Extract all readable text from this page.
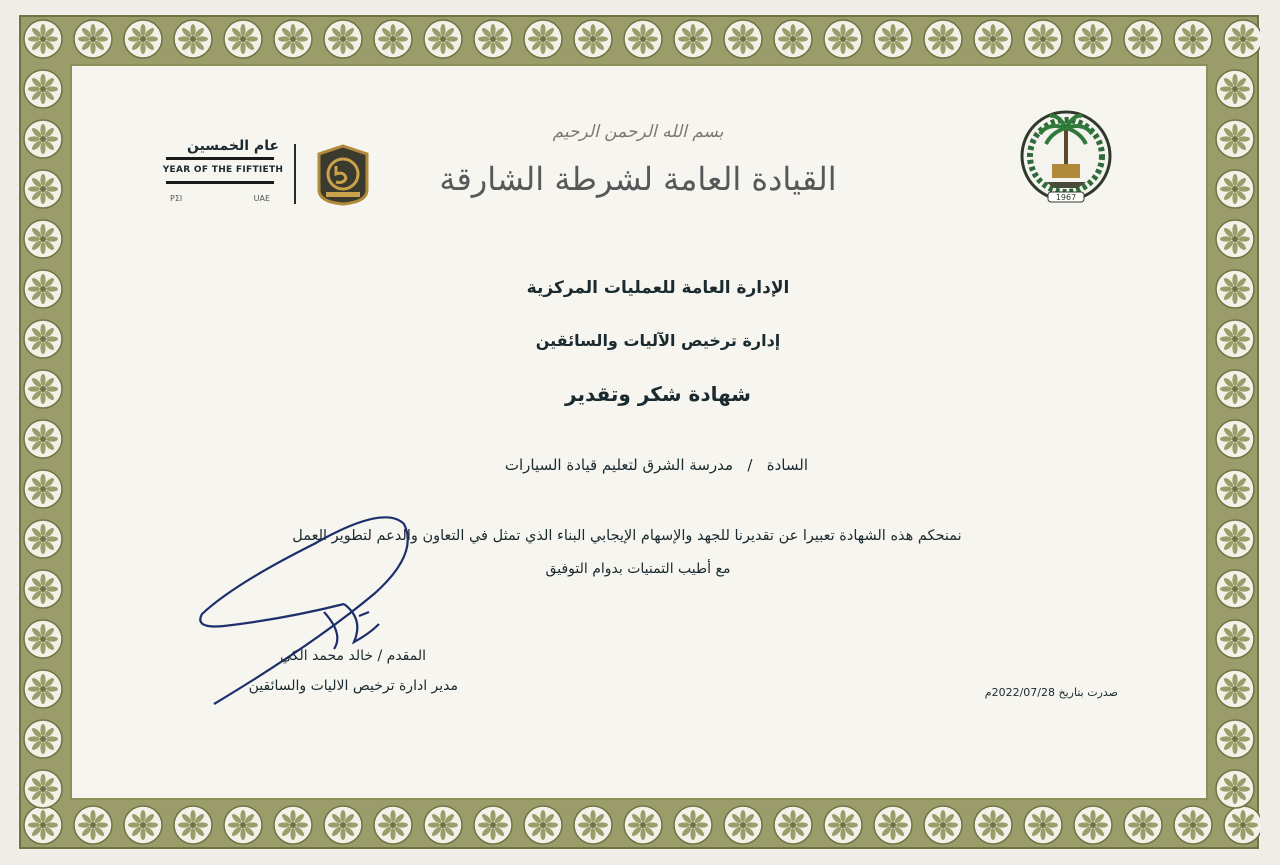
عام الخمسين
YEAR OF THE FIFTIETH
ΡΣΙ	UAE
بسم الله الرحمن الرحيم
القيادة العامة لشرطة الشارقة	1967
الإدارة العامة للعمليات المركزية
إدارة ترخيص الآليات والسائقين
شهادة شكر وتقدير
السادة   /   مدرسة الشرق لتعليم قيادة السيارات
نمنحكم هذه الشهادة تعبيرا عن تقديرنا للجهد والإسهام الإيجابي البناء الذي تمثل في التعاون والدعم لتطوير العمل
مع أطيب التمنيات بدوام التوفيق
المقدم / خالد محمد الكي
مدير ادارة ترخيص الاليات والسائقين	صدرت بتاريخ 2022/07/28م
